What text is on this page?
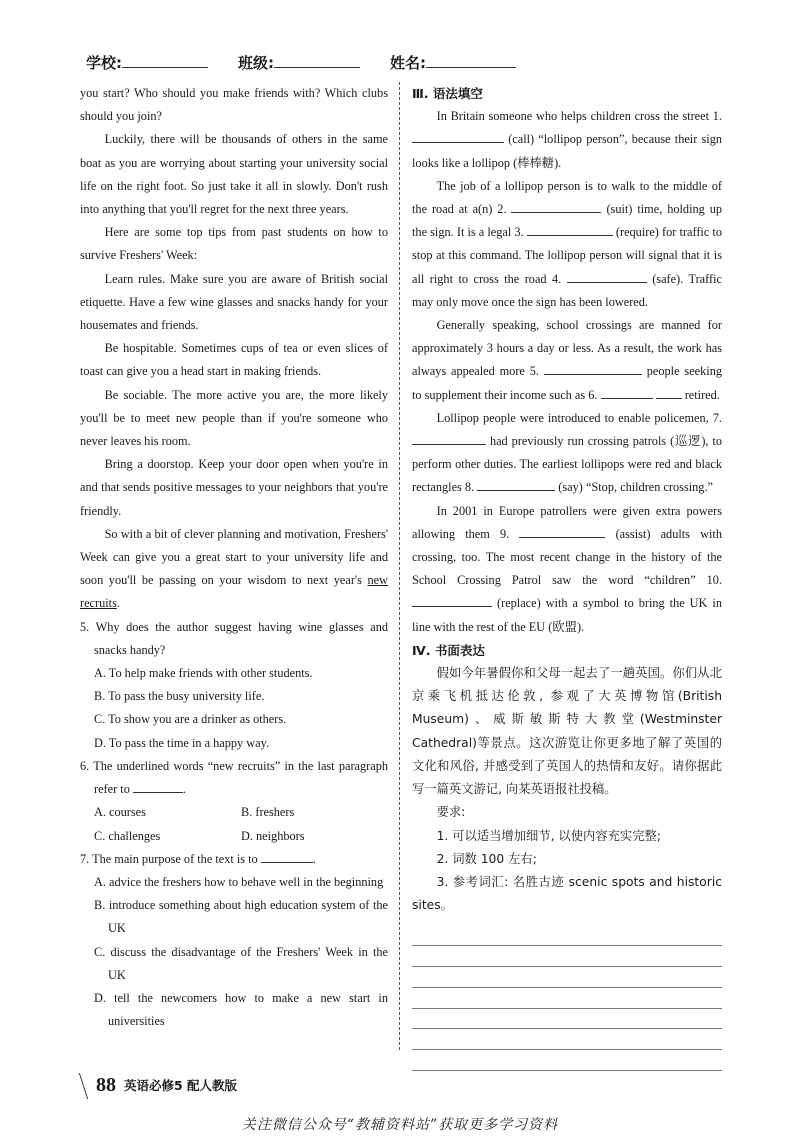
学校:	班级:	姓名:

you start? Who should you make friends with? Which clubs should you join?

Luckily, there will be thousands of others in the same boat as you are worrying about starting your university social life on the right foot. So just take it all in slowly. Don't rush into anything that you'll regret for the next three years.

Here are some top tips from past students on how to survive Freshers' Week:

Learn rules. Make sure you are aware of British social etiquette. Have a few wine glasses and snacks handy for your housemates and friends.

Be hospitable. Sometimes cups of tea or even slices of toast can give you a head start in making friends.

Be sociable. The more active you are, the more likely you'll be to meet new people than if you're someone who never leaves his room.

Bring a doorstop. Keep your door open when you're in and that sends positive messages to your neighbors that you're friendly.

So with a bit of clever planning and motivation, Freshers' Week can give you a great start to your university life and soon you'll be passing on your wisdom to next year's new recruits.

5. Why does the author suggest having wine glasses and snacks handy?

A. To help make friends with other students.

B. To pass the busy university life.

C. To show you are a drinker as others.

D. To pass the time in a happy way.

6. The underlined words “new recruits” in the last paragraph refer to	.

A. courses	B. freshers
C. challenges	D. neighbors

7. The main purpose of the text is to	.

A. advice the freshers how to behave well in the beginning

B. introduce something about high education system of the UK

C. discuss the disadvantage of the Freshers' Week in the UK

D. tell the newcomers how to make a new start in universities

Ⅲ. 语法填空

In Britain someone who helps children cross the street 1.  (call) “lollipop person”, because their sign looks like a lollipop (棒棒糖).

The job of a lollipop person is to walk to the middle of the road at a(n) 2.	(suit) time, holding up the sign. It is a legal 3.	(require) for traffic to stop at this command. The lollipop person will signal that it is all right to cross the road 4.	(safe). Traffic may only move once the sign has been lowered.

Generally speaking, school crossings are manned for approximately 3 hours a day or less. As a result, the work has always appealed more 5.	people seeking to supplement their income such as 6.	retired.

Lollipop people were introduced to enable policemen, 7.  had previously run crossing patrols (巡逻), to perform other duties. The earliest lollipops were red and black rectangles 8.	(say) “Stop, children crossing.”

In 2001 in Europe patrollers were given extra powers allowing them 9.	(assist) adults with crossing, too. The most recent change in the history of the School Crossing Patrol saw the word “children” 10.  (replace) with a symbol to bring the UK in line with the rest of the EU (欧盟).

Ⅳ. 书面表达

假如今年暑假你和父母一起去了一趟英国。你们从北京乘飞机抵达伦敦, 参观了大英博物馆(British Museum)、威斯敏斯特大教堂(Westminster Cathedral)等景点。这次游览让你更多地了解了英国的文化和风俗, 并感受到了英国人的热情和友好。请你据此写一篇英文游记, 向某英语报社投稿。

要求:

1. 可以适当增加细节, 以使内容充实完整;

2. 词数 100 左右;

3. 参考词汇: 名胜古迹 scenic spots and historic sites。

88 英语必修5 配人教版
关注微信公众号“教辅资料站”获取更多学习资料
